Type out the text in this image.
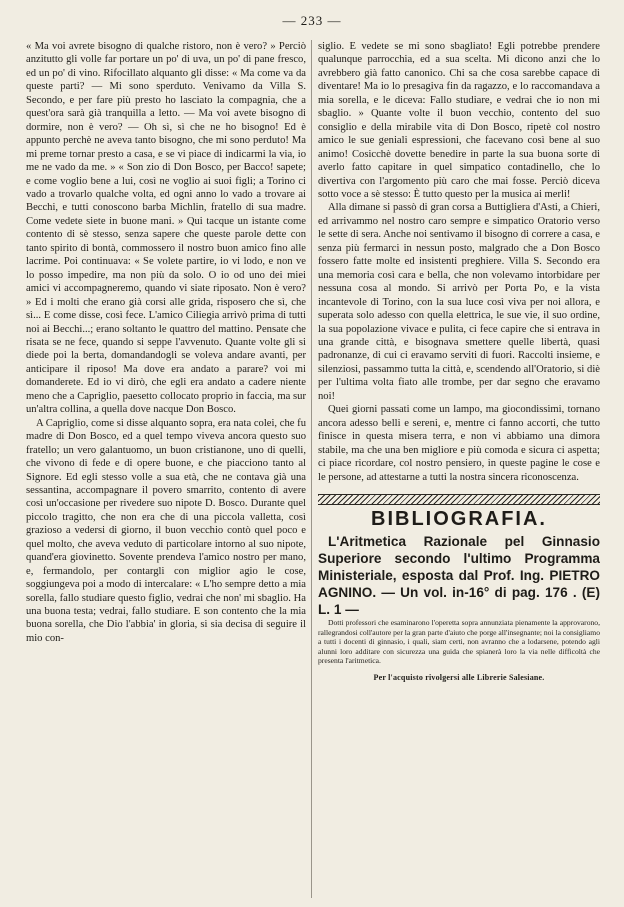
— 233 —

« Ma voi avrete bisogno di qualche ristoro, non è vero? » Perciò anzitutto gli volle far portare un po' di uva, un po' di pane fresco, ed un po' di vino. Rifocillato alquanto gli disse: « Ma come va da queste parti? — Mi sono sperduto. Venivamo da Villa S. Secondo, e per fare più presto ho lasciato la compagnia, che a quest'ora sarà già tranquilla a letto. — Ma voi avete bisogno di dormire, non è vero? — Oh sì, sì che ne ho bisogno! Ed è appunto perchè ne aveva tanto bisogno, che mi sono perduto! Ma mi preme tornar presto a casa, e se vi piace di indicarmi la via, io me ne vado da me. » « Son zio di Don Bosco, per Bacco! sapete; e come voglio bene a lui, così ne voglio ai suoi figli; a Torino ci vado a trovarlo qualche volta, ed ogni anno lo vado a trovare ai Becchi, e tutti conoscono barba Michlin, fratello di sua madre. Come vedete siete in buone mani. » Qui tacque un istante come contento di sè stesso, senza sapere che queste parole dette con tanto spirito di bontà, commossero il nostro buon amico fino alle lacrime. Poi continuava: « Se volete partire, io vi lodo, e non ve lo posso impedire, ma non più da solo. O io od uno dei miei amici vi accompagneremo, quando vi siate riposato. Non è vero? » Ed i molti che erano già corsi alle grida, risposero che sì, che sì... E come disse, così fece. L'amico Ciliegia arrivò prima di tutti noi ai Becchi...; erano soltanto le quattro del mattino. Pensate che risata se ne fece, quando si seppe l'avvenuto. Quante volte gli si diede poi la berta, domandandogli se voleva andare avanti, per anticipare il riposo! Ma dove era andato a parare? voi mi domanderete. Ed io vi dirò, che egli era andato a cadere niente meno che a Capriglio, paesetto collocato proprio in faccia, ma sur un'altra collina, a quella dove nacque Don Bosco.

A Capriglio, come si disse alquanto sopra, era nata colei, che fu madre di Don Bosco, ed a quel tempo viveva ancora questo suo fratello; un vero galantuomo, un buon cristianone, uno di quelli, che vivono di fede e di opere buone, e che piacciono tanto al Signore. Ed egli stesso volle a sua età, che ne contava già una sessantina, accompagnare il povero smarrito, contento di avere così un'occasione per rivedere suo nipote D. Bosco. Durante quel piccolo tragitto, che non era che di una piccola valletta, così grazioso a vedersi di giorno, il buon vecchio contò quel poco e quel molto, che aveva veduto di particolare intorno al suo nipote, quand'era giovinetto. Sovente prendeva l'amico nostro per mano, e, fermandolo, per contargli con miglior agio le cose, soggiungeva poi a modo di intercalare: « L'ho sempre detto a mia sorella, fallo studiare questo figlio, vedrai che non' mi sbaglio. Ha una buona testa; vedrai, fallo studiare. E son contento che la mia buona sorella, che Dio l'abbia' in gloria, si sia decisa di seguire il mio con-

siglio. E vedete se mi sono sbagliato! Egli potrebbe prendere qualunque parrocchia, ed a sua scelta. Mi dicono anzi che lo avrebbero già fatto canonico. Chi sa che cosa sarebbe capace di diventare! Ma io lo presagiva fin da ragazzo, e lo raccomandava a mia sorella, e le diceva: Fallo studiare, e vedrai che io non mi sbaglio. » Quante volte il buon vecchio, contento del suo consiglio e della mirabile vita di Don Bosco, ripetè col nostro amico le sue geniali espressioni, che facevano così bene al suo animo! Cosicchè dovette benedire in parte la sua buona sorte di averlo fatto capitare in quel simpatico contadinello, che lo divertiva con l'argomento più caro che mai fosse. Perciò diceva sotto voce a sè stesso: È tutto questo per la musica ai merli!

Alla dimane si passò di gran corsa a Buttigliera d'Asti, a Chieri, ed arrivammo nel nostro caro sempre e simpatico Oratorio verso le sette di sera. Anche noi sentivamo il bisogno di correre a casa, e senza più fermarci in nessun posto, malgrado che a Don Bosco fossero fatte molte ed insistenti preghiere. Villa S. Secondo era una memoria così cara e bella, che non volevamo intorbidare per nessuna cosa al mondo. Si arrivò per Porta Po, e la vista incantevole di Torino, con la sua luce così viva per noi allora, e superata solo adesso con quella elettrica, le sue vie, il suo ordine, la sua popolazione vivace e pulita, ci fece capire che si entrava in una grande città, e bisognava smettere quelle libertà, quasi padronanze, di cui ci eravamo serviti di fuori. Raccolti insieme, e silenziosi, passammo tutta la città, e, scendendo all'Oratorio, si diè per l'ultima volta fiato alle trombe, per dar segno che eravamo noi!

Quei giorni passati come un lampo, ma giocondissimi, tornano ancora adesso belli e sereni, e, mentre ci fanno accorti, che tutto finisce in questa misera terra, e non vi abbiamo una dimora stabile, ma che una ben migliore e più comoda e sicura ci aspetta; ci piace ricordare, col nostro pensiero, in queste pagine le cose e le persone, ad attestarne a tutti la nostra sincera riconoscenza.

BIBLIOGRAFIA.

L'Aritmetica Razionale pel Ginnasio Superiore secondo l'ultimo Programma Ministeriale, esposta dal Prof. Ing. PIETRO AGNINO. — Un vol. in-16° di pag. 176 . (E) L. 1 —

Dotti professori che esaminarono l'operetta sopra annunziata pienamente la approvarono, rallegrandosi coll'autore per la gran parte d'aiuto che porge all'insegnante; noi la consigliamo a tutti i docenti di ginnasio, i quali, siam certi, non avranno che a lodarsene, potendo agli alunni loro additare con sicurezza una guida che spianerà loro la via nelle difficoltà che presenta l'aritmetica.

Per l'acquisto rivolgersi alle Librerie Salesiane.
